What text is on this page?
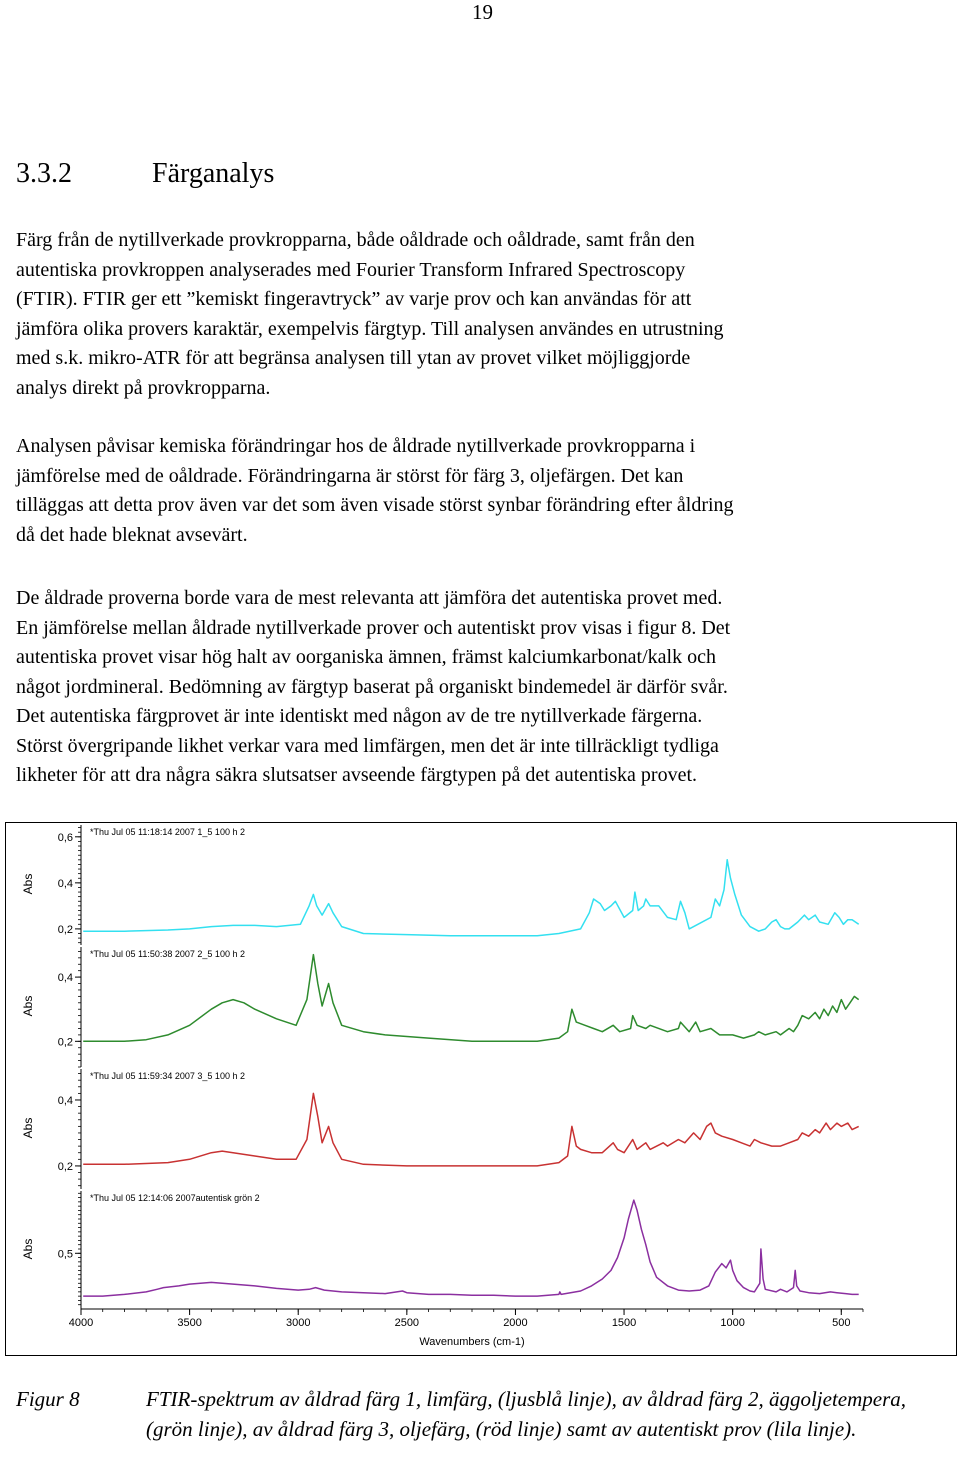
19
3.3.2	Färganalys
Färg från de nytillverkade provkropparna, både oåldrade och oåldrade, samt från den
autentiska provkroppen analyserades med Fourier Transform Infrared Spectroscopy
(FTIR). FTIR ger ett ”kemiskt fingeravtryck” av varje prov och kan användas för att
jämföra olika provers karaktär, exempelvis färgtyp. Till analysen användes en utrustning
med s.k. mikro-ATR för att begränsa analysen till ytan av provet vilket möjliggjorde
analys direkt på provkropparna.
Analysen påvisar kemiska förändringar hos de åldrade nytillverkade provkropparna i
jämförelse med de oåldrade. Förändringarna är störst för färg 3, oljefärgen. Det kan
tilläggas att detta prov även var det som även visade störst synbar förändring efter åldring
då det hade bleknat avsevärt.
De åldrade proverna borde vara de mest relevanta att jämföra det autentiska provet med.
En jämförelse mellan åldrade nytillverkade prover och autentiskt prov visas i figur 8. Det
autentiska provet visar hög halt av oorganiska ämnen, främst kalciumkarbonat/kalk och
något jordmineral. Bedömning av färgtyp baserat på organiskt bindemedel är därför svår.
Det autentiska färgprovet är inte identiskt med någon av de tre nytillverkade färgerna.
Störst övergripande likhet verkar vara med limfärgen, men det är inte tillräckligt tydliga
likheter för att dra några säkra slutsatser avseende färgtypen på det autentiska provet.
0,6
0,4
0,2
Abs
*Thu Jul 05 11:18:14 2007 1_5 100 h 2
0,4
0,2
Abs
*Thu Jul 05 11:50:38 2007 2_5 100 h 2
0,4
0,2
Abs
*Thu Jul 05 11:59:34 2007 3_5 100 h 2
0,5
Abs
*Thu Jul 05 12:14:06 2007autentisk grön 2
4000	3500	3000	2500	2000	1500	1000	500
Wavenumbers (cm-1)
Figur 8	FTIR-spektrum av åldrad färg 1, limfärg, (ljusblå linje), av åldrad färg 2, äggoljetempera, (grön linje), av åldrad färg 3, oljefärg, (röd linje) samt av autentiskt prov (lila linje).
